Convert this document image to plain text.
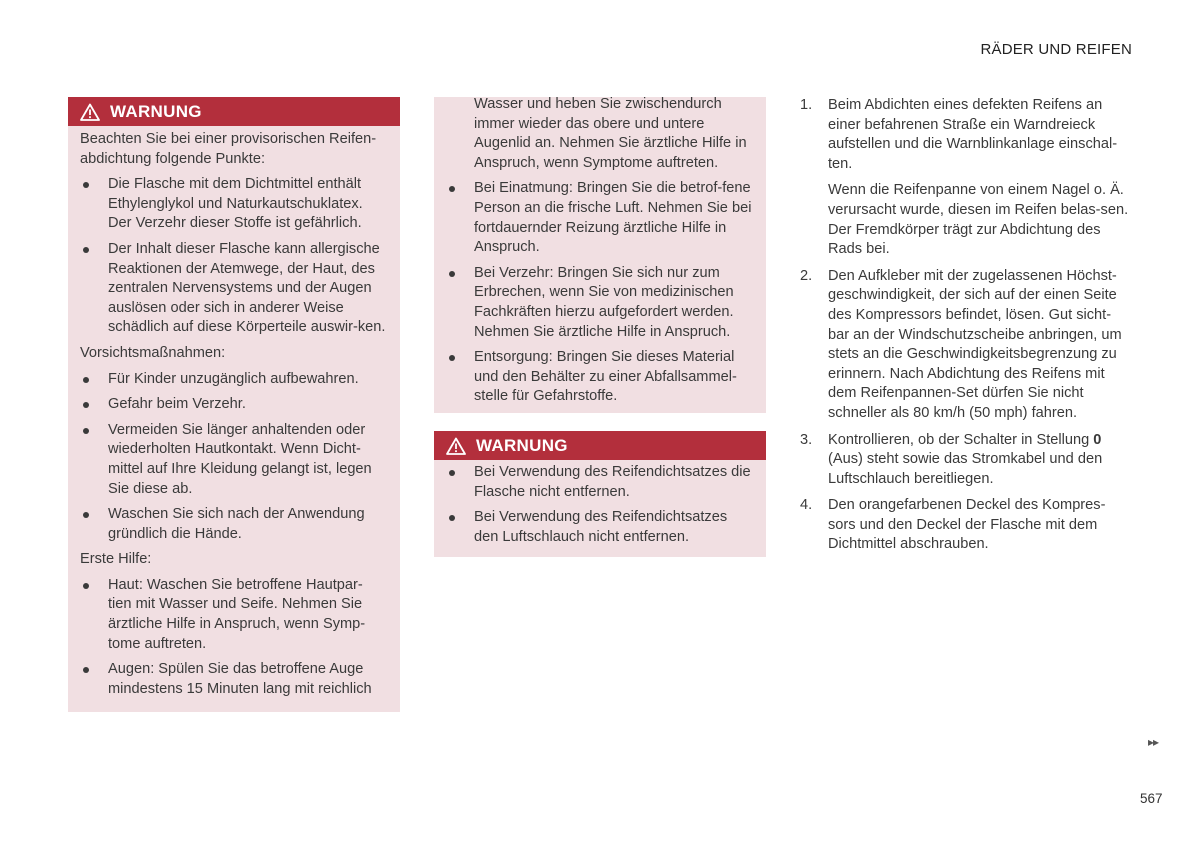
RÄDER UND REIFEN
WARNUNG

Beachten Sie bei einer provisorischen Reifen-abdichtung folgende Punkte:

Die Flasche mit dem Dichtmittel enthält Ethylenglykol und Naturkautschuklatex. Der Verzehr dieser Stoffe ist gefährlich.
Der Inhalt dieser Flasche kann allergische Reaktionen der Atemwege, der Haut, des zentralen Nervensystems und der Augen auslösen oder sich in anderer Weise schädlich auf diese Körperteile auswir-ken.

Vorsichtsmaßnahmen:

Für Kinder unzugänglich aufbewahren.
Gefahr beim Verzehr.
Vermeiden Sie länger anhaltenden oder wiederholten Hautkontakt. Wenn Dicht-mittel auf Ihre Kleidung gelangt ist, legen Sie diese ab.
Waschen Sie sich nach der Anwendung gründlich die Hände.

Erste Hilfe:

Haut: Waschen Sie betroffene Hautpar-tien mit Wasser und Seife. Nehmen Sie ärztliche Hilfe in Anspruch, wenn Symp-tome auftreten.
Augen: Spülen Sie das betroffene Auge mindestens 15 Minuten lang mit reichlich

Wasser und heben Sie zwischendurch immer wieder das obere und untere Augenlid an. Nehmen Sie ärztliche Hilfe in Anspruch, wenn Symptome auftreten.

Bei Einatmung: Bringen Sie die betrof-fene Person an die frische Luft. Nehmen Sie bei fortdauernder Reizung ärztliche Hilfe in Anspruch.
Bei Verzehr: Bringen Sie sich nur zum Erbrechen, wenn Sie von medizinischen Fachkräften hierzu aufgefordert werden. Nehmen Sie ärztliche Hilfe in Anspruch.
Entsorgung: Bringen Sie dieses Material und den Behälter zu einer Abfallsammel-stelle für Gefahrstoffe.
WARNUNG
Bei Verwendung des Reifendichtsatzes die Flasche nicht entfernen.
Bei Verwendung des Reifendichtsatzes den Luftschlauch nicht entfernen.
1. Beim Abdichten eines defekten Reifens an einer befahrenen Straße ein Warndreieck aufstellen und die Warnblinkanlage einschal-ten.

Wenn die Reifenpanne von einem Nagel o. Ä. verursacht wurde, diesen im Reifen belas-sen. Der Fremdkörper trägt zur Abdichtung des Rads bei.

2. Den Aufkleber mit der zugelassenen Höchst-geschwindigkeit, der sich auf der einen Seite des Kompressors befindet, lösen. Gut sicht-bar an der Windschutzscheibe anbringen, um stets an die Geschwindigkeitsbegrenzung zu erinnern. Nach Abdichtung des Reifens mit dem Reifenpannen-Set dürfen Sie nicht schneller als 80 km/h (50 mph) fahren.

3. Kontrollieren, ob der Schalter in Stellung 0 (Aus) steht sowie das Stromkabel und den Luftschlauch bereitliegen.

4. Den orangefarbenen Deckel des Kompres-sors und den Deckel der Flasche mit dem Dichtmittel abschrauben.

▸▸
567
